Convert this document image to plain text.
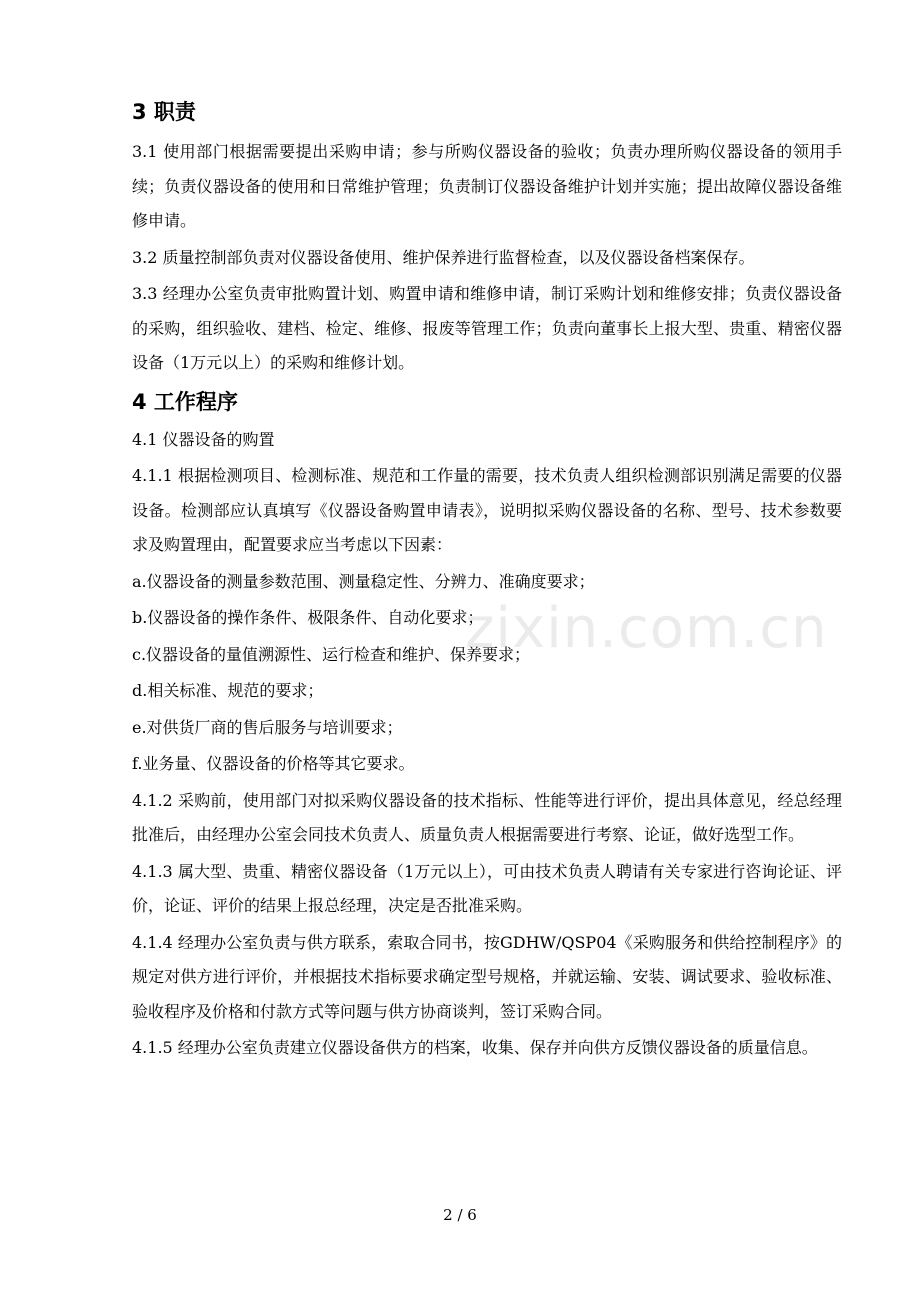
zixin.com.cn
3 职责

3.1 使用部门根据需要提出采购申请；参与所购仪器设备的验收；负责办理所购仪器设备的领用手续；负责仪器设备的使用和日常维护管理；负责制订仪器设备维护计划并实施；提出故障仪器设备维修申请。

3.2 质量控制部负责对仪器设备使用、维护保养进行监督检查，以及仪器设备档案保存。

3.3 经理办公室负责审批购置计划、购置申请和维修申请，制订采购计划和维修安排；负责仪器设备的采购，组织验收、建档、检定、维修、报废等管理工作；负责向董事长上报大型、贵重、精密仪器设备（1万元以上）的采购和维修计划。

4 工作程序

4.1 仪器设备的购置

4.1.1 根据检测项目、检测标准、规范和工作量的需要，技术负责人组织检测部识别满足需要的仪器设备。检测部应认真填写《仪器设备购置申请表》，说明拟采购仪器设备的名称、型号、技术参数要求及购置理由，配置要求应当考虑以下因素：

a.仪器设备的测量参数范围、测量稳定性、分辨力、准确度要求；

b.仪器设备的操作条件、极限条件、自动化要求；

c.仪器设备的量值溯源性、运行检查和维护、保养要求；

d.相关标准、规范的要求；

e.对供货厂商的售后服务与培训要求；

f.业务量、仪器设备的价格等其它要求。

4.1.2 采购前，使用部门对拟采购仪器设备的技术指标、性能等进行评价，提出具体意见，经总经理批准后，由经理办公室会同技术负责人、质量负责人根据需要进行考察、论证，做好选型工作。

4.1.3 属大型、贵重、精密仪器设备（1万元以上），可由技术负责人聘请有关专家进行咨询论证、评价，论证、评价的结果上报总经理，决定是否批准采购。

4.1.4 经理办公室负责与供方联系，索取合同书，按GDHW/QSP04《采购服务和供给控制程序》的规定对供方进行评价，并根据技术指标要求确定型号规格，并就运输、安装、调试要求、验收标准、验收程序及价格和付款方式等问题与供方协商谈判，签订采购合同。

4.1.5 经理办公室负责建立仪器设备供方的档案，收集、保存并向供方反馈仪器设备的质量信息。

2 / 6
